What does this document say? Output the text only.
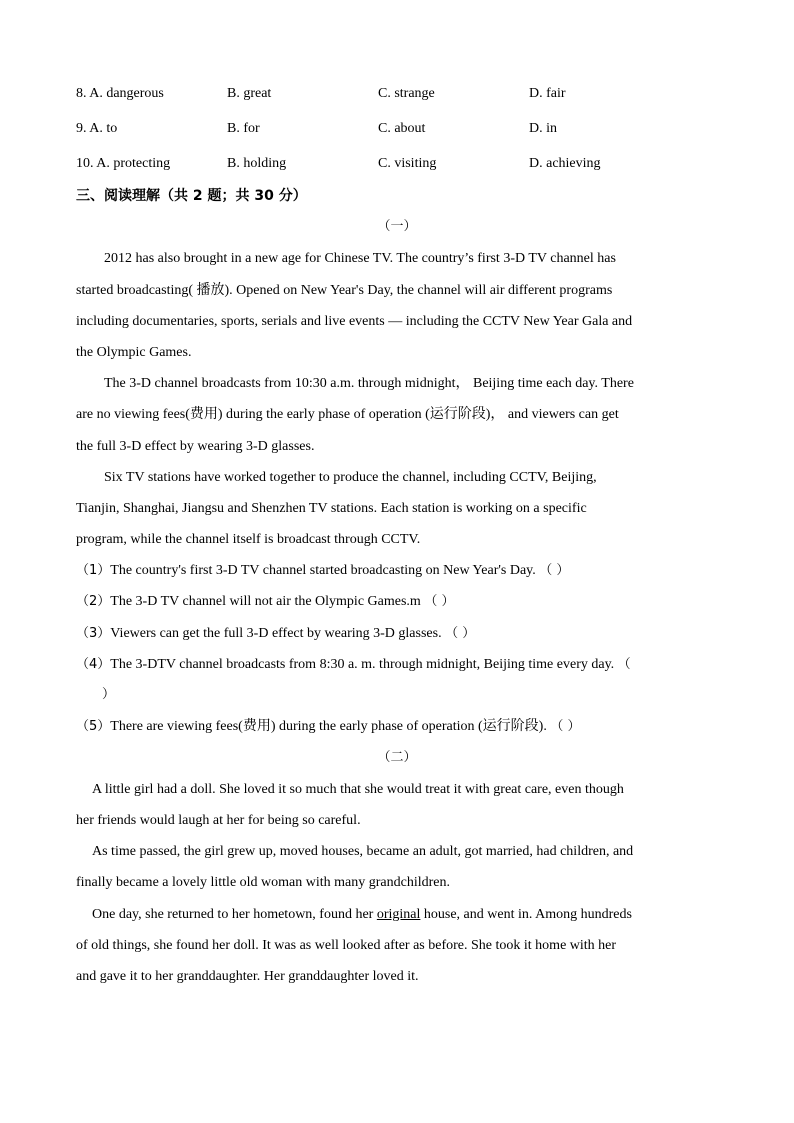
8. A. dangerous	B. great	C. strange	D. fair
9. A. to	B. for	C. about	D. in
10. A. protecting	B. holding	C. visiting	D. achieving
三、阅读理解（共 2 题；共 30 分）
（一）
2012 has also brought in a new age for Chinese TV. The country’s first 3-D TV channel has
started broadcasting( 播放). Opened on New Year's Day, the channel will air different programs
including documentaries, sports, serials and live events — including the CCTV New Year Gala and
the Olympic Games.
The 3-D channel broadcasts from 10:30 a.m. through midnight， Beijing time each day. There
are no viewing fees(费用) during the early phase of operation (运行阶段)， and viewers can get
the full 3-D effect by wearing 3-D glasses.
Six TV stations have worked together to produce the channel, including CCTV, Beijing,
Tianjin, Shanghai, Jiangsu and Shenzhen TV stations. Each station is working on a specific
program, while the channel itself is broadcast through CCTV.
（1）The country's first 3-D TV channel started broadcasting on New Year's Day. （ ）
（2）The 3-D TV channel will not air the Olympic Games.m （ ）
（3）Viewers can get the full 3-D effect by wearing 3-D glasses. （ ）
（4）The 3-DTV channel broadcasts from 8:30 a. m. through midnight, Beijing time every day. （
）
（5）There are viewing fees(费用) during the early phase of operation (运行阶段). （ ）
（二）
A little girl had a doll. She loved it so much that she would treat it with great care, even though
her friends would laugh at her for being so careful.
As time passed, the girl grew up, moved houses, became an adult, got married, had children, and
finally became a lovely little old woman with many grandchildren.
One day, she returned to her hometown, found her original house, and went in. Among hundreds
of old things, she found her doll. It was as well looked after as before. She took it home with her
and gave it to her granddaughter. Her granddaughter loved it.
